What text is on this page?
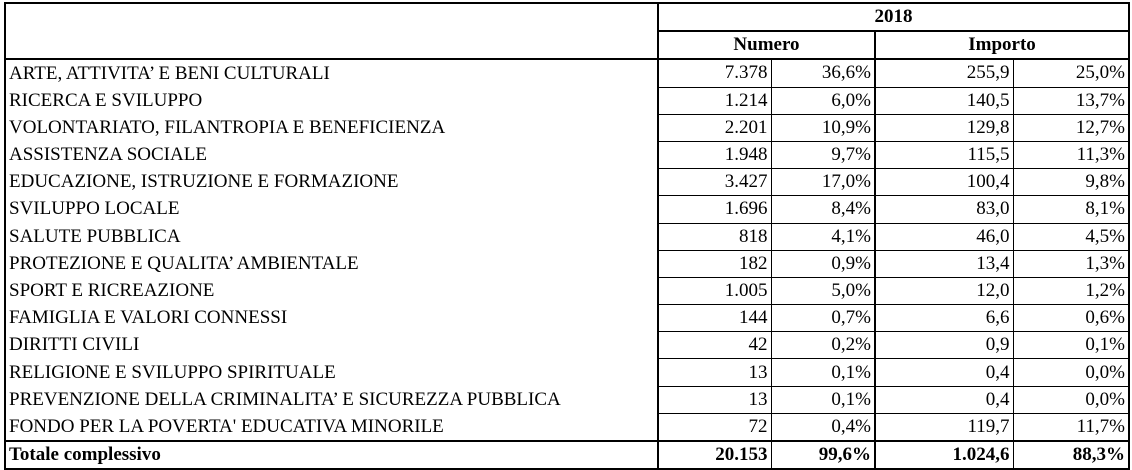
	2018			
	Numero		Importo	
ARTE, ATTIVITA’ E BENI CULTURALI	7.378	36,6%	255,9	25,0%
RICERCA E SVILUPPO	1.214	6,0%	140,5	13,7%
VOLONTARIATO, FILANTROPIA E BENEFICIENZA	2.201	10,9%	129,8	12,7%
ASSISTENZA SOCIALE	1.948	9,7%	115,5	11,3%
EDUCAZIONE, ISTRUZIONE E FORMAZIONE	3.427	17,0%	100,4	9,8%
SVILUPPO LOCALE	1.696	8,4%	83,0	8,1%
SALUTE PUBBLICA	818	4,1%	46,0	4,5%
PROTEZIONE E QUALITA’ AMBIENTALE	182	0,9%	13,4	1,3%
SPORT E RICREAZIONE	1.005	5,0%	12,0	1,2%
FAMIGLIA E VALORI CONNESSI	144	0,7%	6,6	0,6%
DIRITTI CIVILI	42	0,2%	0,9	0,1%
RELIGIONE E SVILUPPO SPIRITUALE	13	0,1%	0,4	0,0%
PREVENZIONE DELLA CRIMINALITA’ E SICUREZZA PUBBLICA	13	0,1%	0,4	0,0%
FONDO PER LA POVERTA' EDUCATIVA MINORILE	72	0,4%	119,7	11,7%
Totale complessivo	20.153	99,6%	1.024,6	88,3%
